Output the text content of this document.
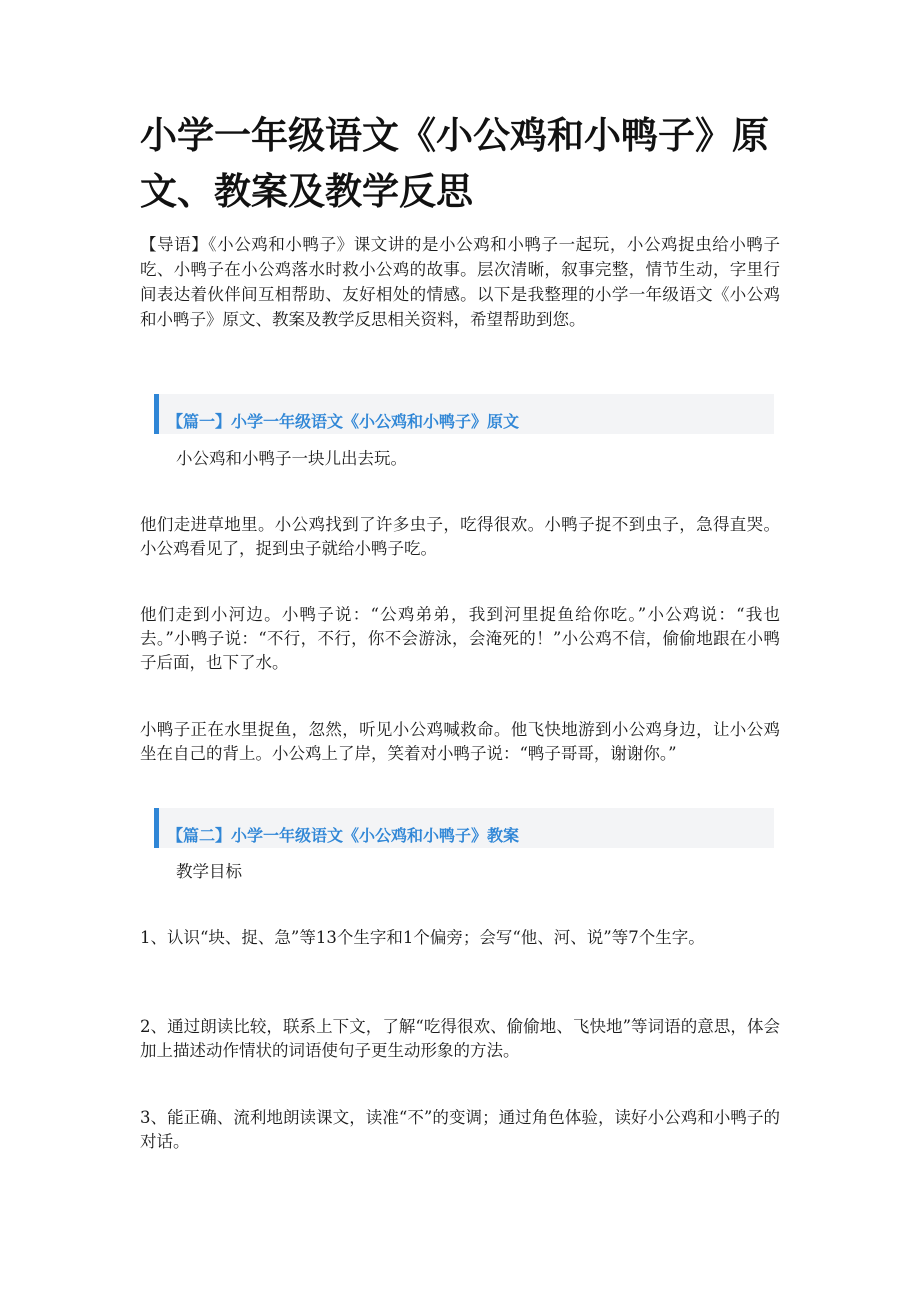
小学一年级语文《小公鸡和小鸭子》原文、教案及教学反思

【导语】《小公鸡和小鸭子》课文讲的是小公鸡和小鸭子一起玩，小公鸡捉虫给小鸭子吃、小鸭子在小公鸡落水时救小公鸡的故事。层次清晰，叙事完整，情节生动，字里行间表达着伙伴间互相帮助、友好相处的情感。以下是我整理的小学一年级语文《小公鸡和小鸭子》原文、教案及教学反思相关资料，希望帮助到您。

【篇一】小学一年级语文《小公鸡和小鸭子》原文

小公鸡和小鸭子一块儿出去玩。

他们走进草地里。小公鸡找到了许多虫子，吃得很欢。小鸭子捉不到虫子，急得直哭。小公鸡看见了，捉到虫子就给小鸭子吃。

他们走到小河边。小鸭子说：“公鸡弟弟，我到河里捉鱼给你吃。”小公鸡说：“我也去。”小鸭子说：“不行，不行，你不会游泳，会淹死的！”小公鸡不信，偷偷地跟在小鸭子后面，也下了水。

小鸭子正在水里捉鱼，忽然，听见小公鸡喊救命。他飞快地游到小公鸡身边，让小公鸡坐在自己的背上。小公鸡上了岸，笑着对小鸭子说：“鸭子哥哥，谢谢你。”

【篇二】小学一年级语文《小公鸡和小鸭子》教案

教学目标

1、认识“块、捉、急”等13个生字和1个偏旁；会写“他、河、说”等7个生字。

2、通过朗读比较，联系上下文，了解“吃得很欢、偷偷地、飞快地”等词语的意思，体会加上描述动作情状的词语使句子更生动形象的方法。

3、能正确、流利地朗读课文，读准“不”的变调；通过角色体验，读好小公鸡和小鸭子的对话。
